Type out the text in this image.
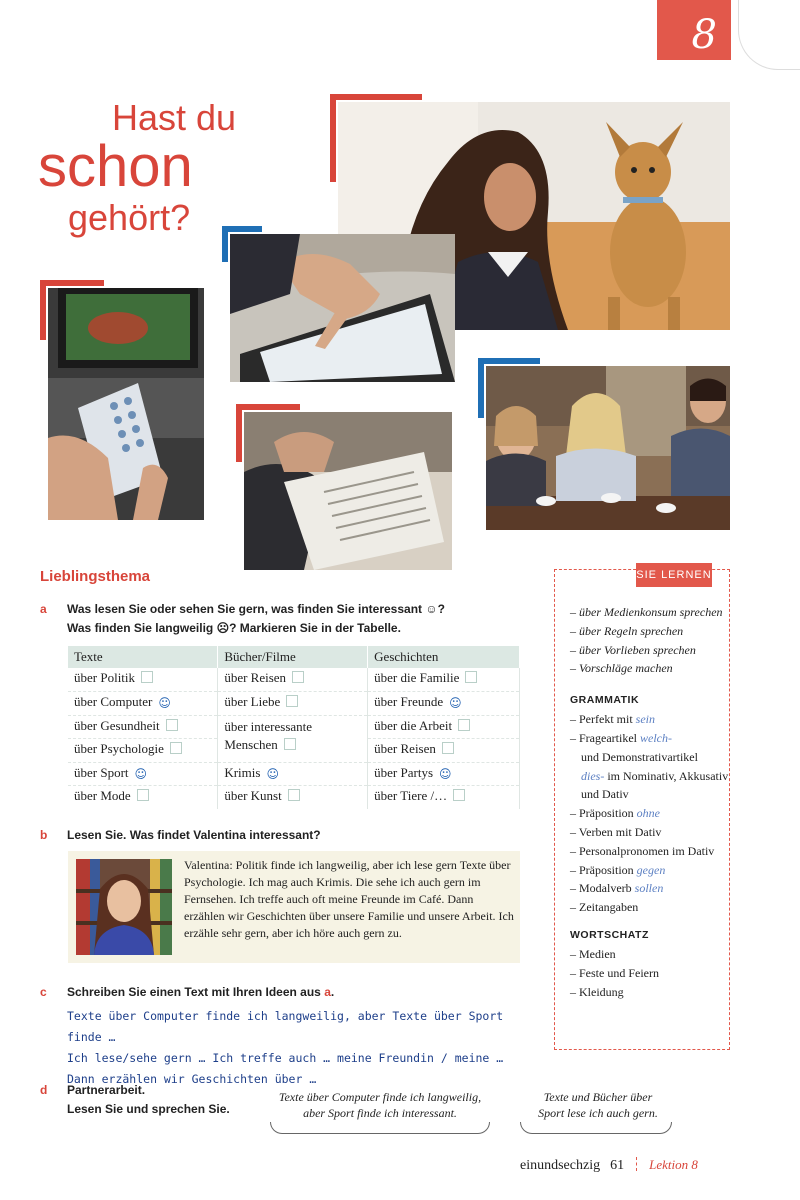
8
Hast du
schon
gehört?
Lieblingsthema
a Was lesen Sie oder sehen Sie gern, was finden Sie interessant ☺?
Was finden Sie langweilig ☹? Markieren Sie in der Tabelle.
Texte	Bücher/Filme	Geschichten
über Politik	über Reisen	über die Familie
über Computer ☺	über Liebe	über Freunde ☺
über Gesundheit	über interessante Menschen	über die Arbeit
über Psychologie		über Reisen
über Sport ☺	Krimis ☺	über Partys ☺
über Mode	über Kunst	über Tiere /…
b Lesen Sie. Was findet Valentina interessant?
Valentina: Politik finde ich langweilig, aber ich lese gern Texte über Psychologie. Ich mag auch Krimis. Die sehe ich auch gern im Fernsehen. Ich treffe auch oft meine Freunde im Café. Dann erzählen wir Geschichten über unsere Familie und unsere Arbeit. Ich erzähle sehr gern, aber ich höre auch gern zu.
c Schreiben Sie einen Text mit Ihren Ideen aus a.
Texte über Computer finde ich langweilig, aber Texte über Sport finde …
Ich lese/sehe gern … Ich treffe auch … meine Freundin / meine …
Dann erzählen wir Geschichten über …
d Partnerarbeit.
Lesen Sie und sprechen Sie.
Texte über Computer finde ich langweilig,
aber Sport finde ich interessant.
Texte und Bücher über
Sport lese ich auch gern.
SIE LERNEN
– über Medienkonsum sprechen
– über Regeln sprechen
– über Vorlieben sprechen
– Vorschläge machen
GRAMMATIK
– Perfekt mit sein
– Frageartikel welch-
und Demonstrativartikel
dies- im Nominativ, Akkusativ und Dativ
– Präposition ohne
– Verben mit Dativ
– Personalpronomen im Dativ
– Präposition gegen
– Modalverb sollen
– Zeitangaben
WORTSCHATZ
– Medien
– Feste und Feiern
– Kleidung
einundsechzig 61 Lektion 8
